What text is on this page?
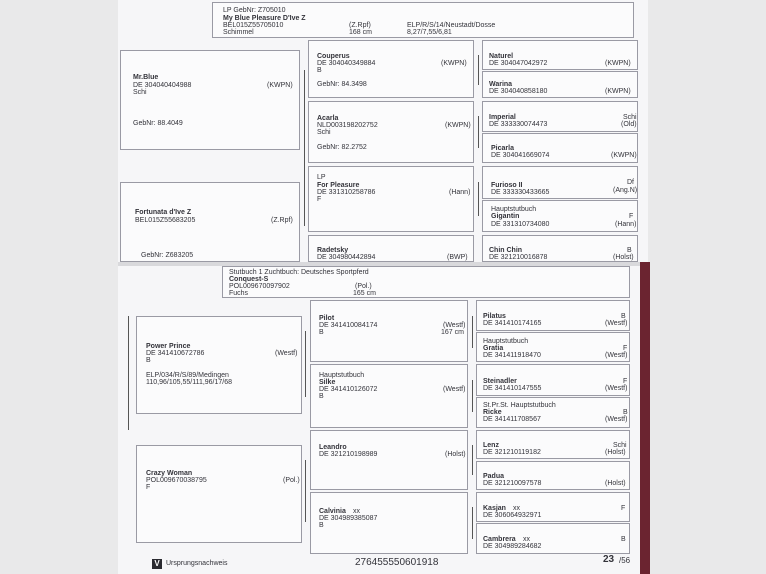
LP GebNr: Z705010
My Blue Pleasure D'Ive Z
BEL015Z55705010
Schimmel
(Z.Rpf)
168 cm
ELP/R/S/14/Neustadt/Dosse
8,27/7,55/6,81
Mr.Blue
DE 304040404988	(KWPN)
Schi
GebNr: 88.4049
Fortunata d'Ive Z
BEL015Z55683205	(Z.Rpf)
GebNr: Z683205
Couperus
DE 304040349884	(KWPN)
B
GebNr: 84.3498
Acarla
NLD003198202752	(KWPN)
Schi
GebNr: 82.2752
LP
For Pleasure
DE 331310258786	(Hann)
F
Radetsky
DE 304980442894	(BWP)
Naturel
DE 304047042972	(KWPN)
Warina
DE 304040858180	(KWPN)
Imperial
DE 333330074473
Schi
(Old)
Picarla
DE 304041669074	(KWPN)
Furioso II
DE 333330433665
Df
(Ang.N)
Hauptstutbuch
Gigantin
DE 331310734080
F
(Hann)
Chin Chin
DE 321210016878
B
(Holst)
Stutbuch 1 Zuchtbuch: Deutsches Sportpferd
Conquest-S
POL009670097902
Fuchs
(Pol.)
165 cm
Power Prince
DE 341410672786	(Westf)
B
ELP/034/R/S/89/Medingen
110,96/105,55/111,96/17/68
Crazy Woman
POL009670038795	(Pol.)
F
Pilot
DE 341410084174	(Westf)
B	167 cm
Hauptstutbuch
Silke
DE 341410126072	(Westf)
B
Leandro
DE 321210198989	(Holst)
Calvinia xx
DE 304989385087
B
Pilatus
DE 341410174165
B
(Westf)
Hauptstutbuch
Gratia
DE 341411918470
F
(Westf)
Steinadler
DE 341410147555
F
(Westf)
St.Pr.St. Hauptstutbuch
Ricke
DE 341411708567
B
(Westf)
Lenz
DE 321210119182
Schi
(Holst)
Padua
DE 321210097578	(Holst)
Kasjan xx
DE 306064932971
F
Cambrera xx
DE 304989284682
B
V Ursprungsnachweis	276455550601918	23 /56
